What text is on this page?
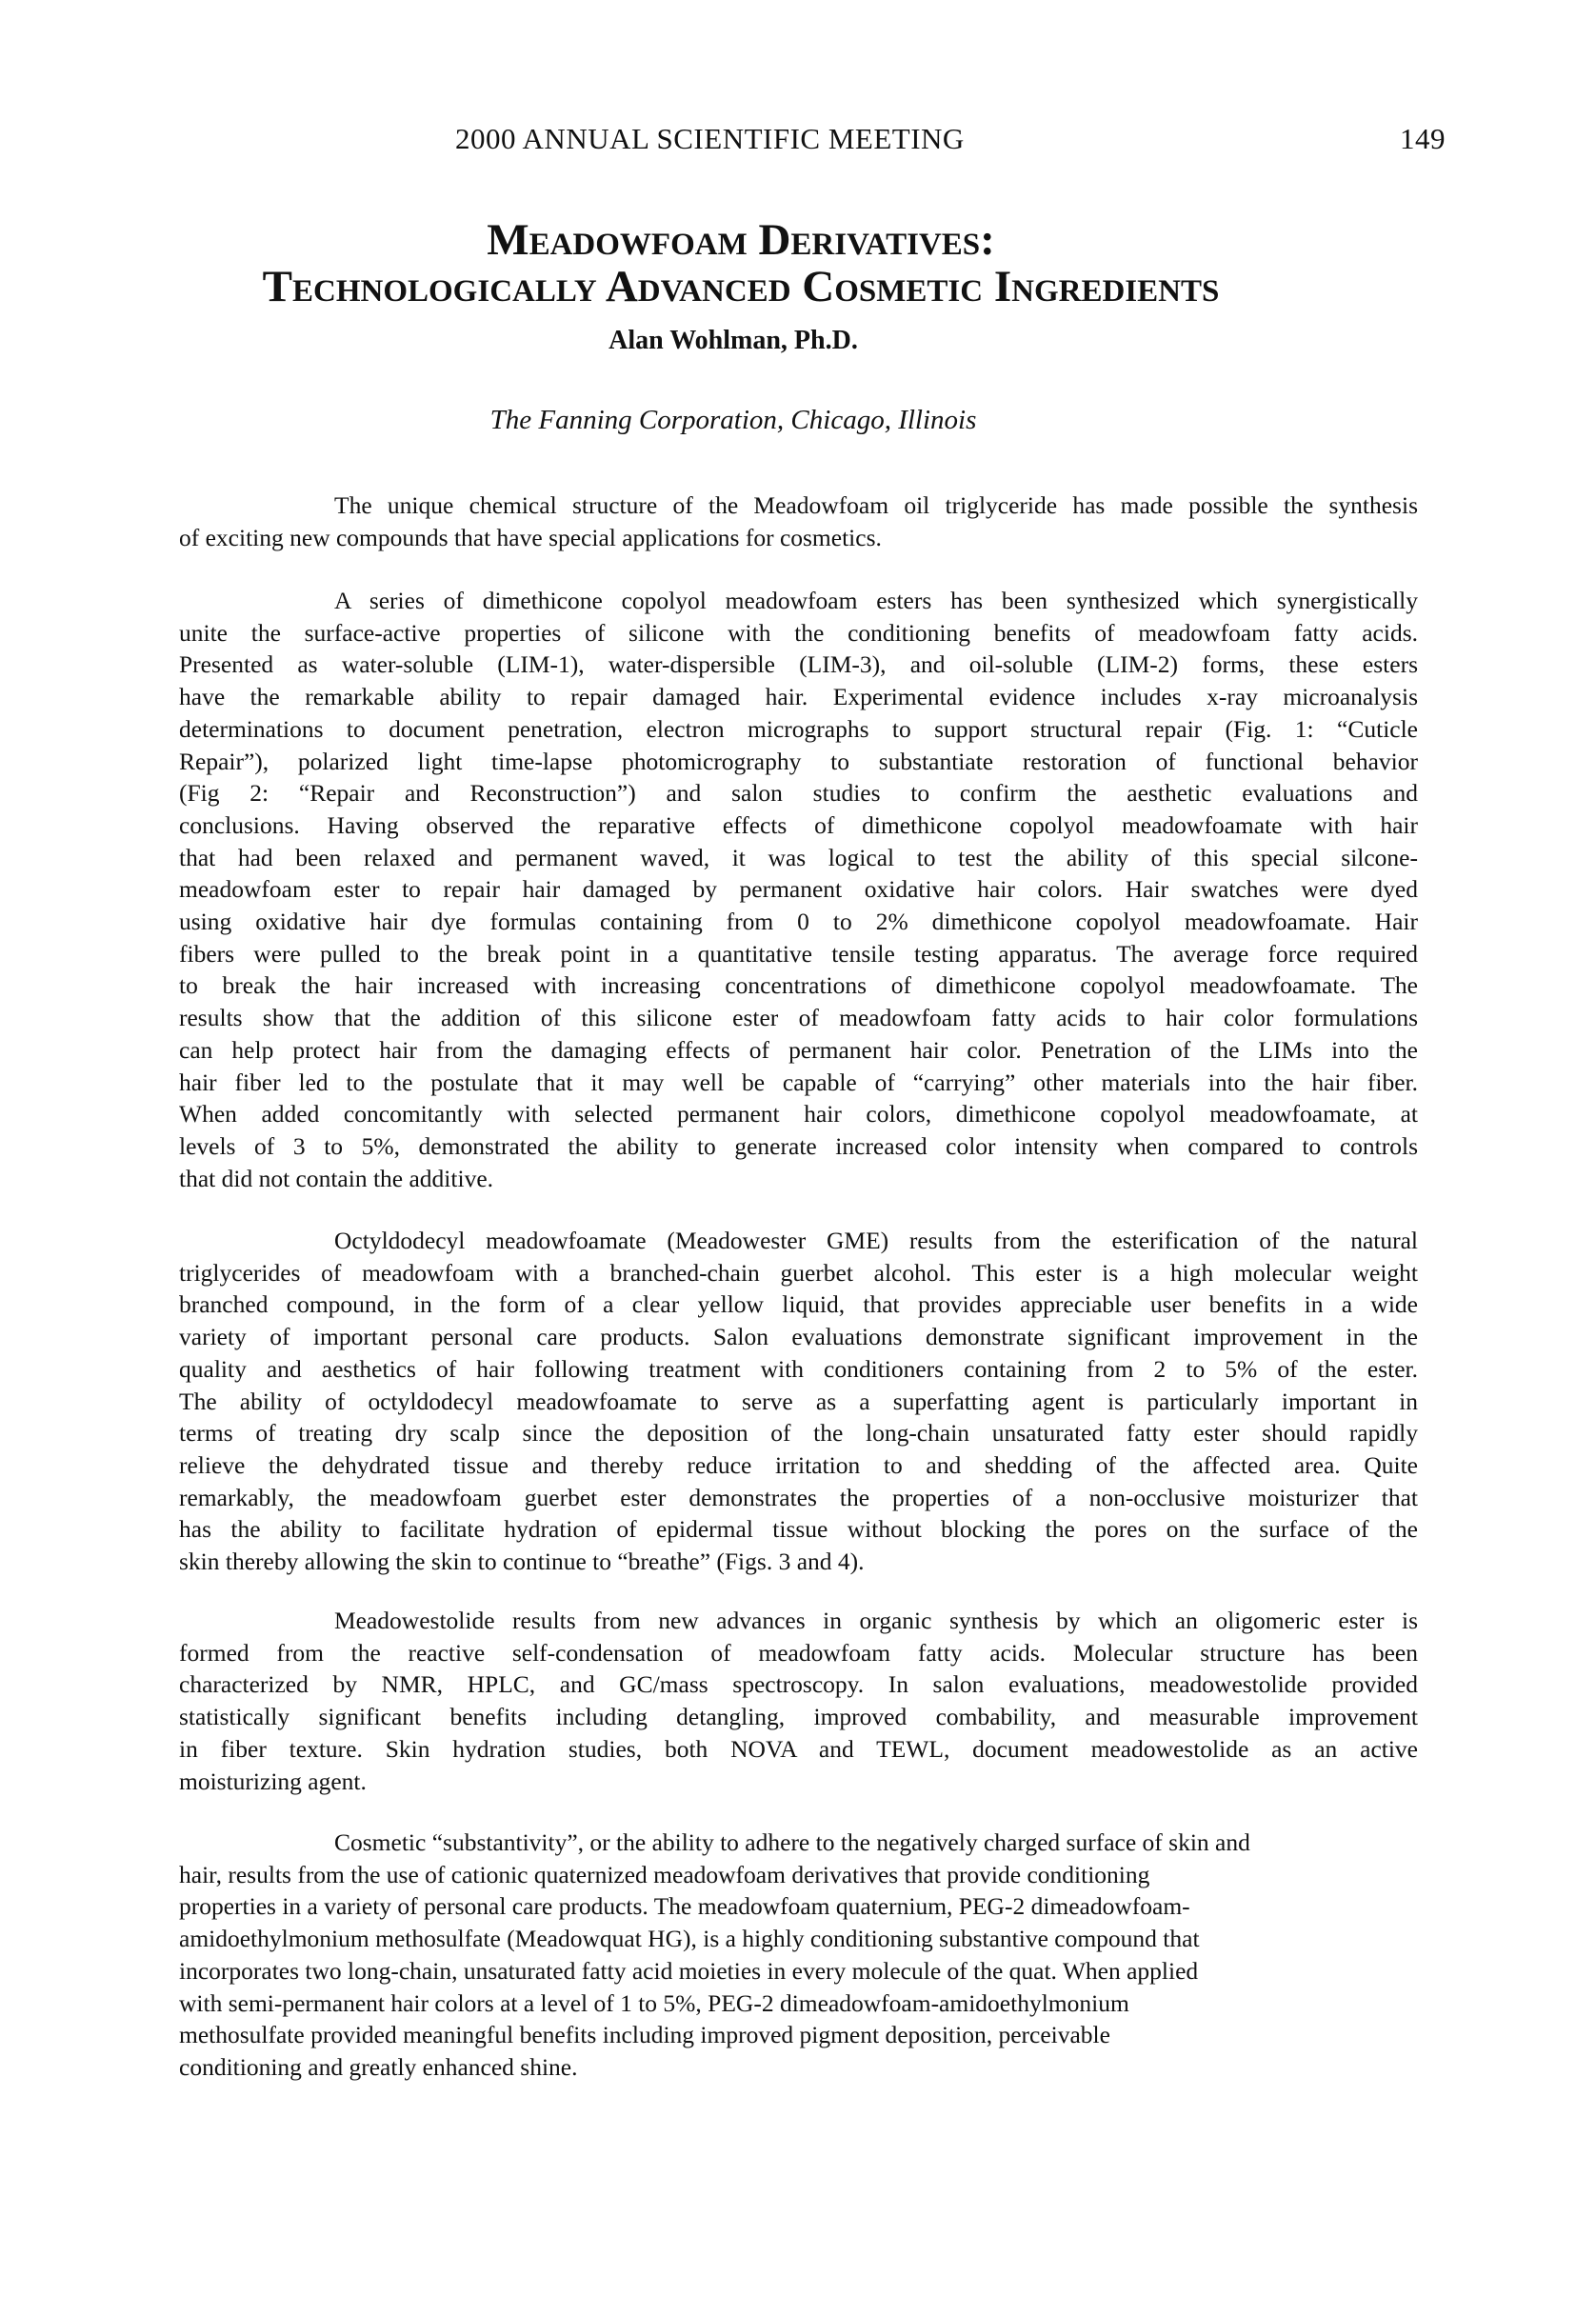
2000 ANNUAL SCIENTIFIC MEETING	149
Meadowfoam Derivatives:
Technologically Advanced Cosmetic Ingredients
Alan Wohlman, Ph.D.
The Fanning Corporation, Chicago, Illinois
The unique chemical structure of the Meadowfoam oil triglyceride has made possible the synthesis
of exciting new compounds that have special applications for cosmetics.
A series of dimethicone copolyol meadowfoam esters has been synthesized which synergistically
unite the surface-active properties of silicone with the conditioning benefits of meadowfoam fatty acids.
Presented as water-soluble (LIM-1), water-dispersible (LIM-3), and oil-soluble (LIM-2) forms, these esters
have the remarkable ability to repair damaged hair. Experimental evidence includes x-ray microanalysis
determinations to document penetration, electron micrographs to support structural repair (Fig. 1: “Cuticle
Repair”), polarized light time-lapse photomicrography to substantiate restoration of functional behavior
(Fig 2: “Repair and Reconstruction”) and salon studies to confirm the aesthetic evaluations and
conclusions. Having observed the reparative effects of dimethicone copolyol meadowfoamate with hair
that had been relaxed and permanent waved, it was logical to test the ability of this special silcone-
meadowfoam ester to repair hair damaged by permanent oxidative hair colors. Hair swatches were dyed
using oxidative hair dye formulas containing from 0 to 2% dimethicone copolyol meadowfoamate. Hair
fibers were pulled to the break point in a quantitative tensile testing apparatus. The average force required
to break the hair increased with increasing concentrations of dimethicone copolyol meadowfoamate. The
results show that the addition of this silicone ester of meadowfoam fatty acids to hair color formulations
can help protect hair from the damaging effects of permanent hair color. Penetration of the LIMs into the
hair fiber led to the postulate that it may well be capable of “carrying” other materials into the hair fiber.
When added concomitantly with selected permanent hair colors, dimethicone copolyol meadowfoamate, at
levels of 3 to 5%, demonstrated the ability to generate increased color intensity when compared to controls
that did not contain the additive.
Octyldodecyl meadowfoamate (Meadowester GME) results from the esterification of the natural
triglycerides of meadowfoam with a branched-chain guerbet alcohol. This ester is a high molecular weight
branched compound, in the form of a clear yellow liquid, that provides appreciable user benefits in a wide
variety of important personal care products. Salon evaluations demonstrate significant improvement in the
quality and aesthetics of hair following treatment with conditioners containing from 2 to 5% of the ester.
The ability of octyldodecyl meadowfoamate to serve as a superfatting agent is particularly important in
terms of treating dry scalp since the deposition of the long-chain unsaturated fatty ester should rapidly
relieve the dehydrated tissue and thereby reduce irritation to and shedding of the affected area. Quite
remarkably, the meadowfoam guerbet ester demonstrates the properties of a non-occlusive moisturizer that
has the ability to facilitate hydration of epidermal tissue without blocking the pores on the surface of the
skin thereby allowing the skin to continue to “breathe” (Figs. 3 and 4).
Meadowestolide results from new advances in organic synthesis by which an oligomeric ester is
formed from the reactive self-condensation of meadowfoam fatty acids. Molecular structure has been
characterized by NMR, HPLC, and GC/mass spectroscopy. In salon evaluations, meadowestolide provided
statistically significant benefits including detangling, improved combability, and measurable improvement
in fiber texture. Skin hydration studies, both NOVA and TEWL, document meadowestolide as an active
moisturizing agent.
Cosmetic “substantivity”, or the ability to adhere to the negatively charged surface of skin and
hair, results from the use of cationic quaternized meadowfoam derivatives that provide conditioning
properties in a variety of personal care products. The meadowfoam quaternium, PEG-2 dimeadowfoam-
amidoethylmonium methosulfate (Meadowquat HG), is a highly conditioning substantive compound that
incorporates two long-chain, unsaturated fatty acid moieties in every molecule of the quat. When applied
with semi-permanent hair colors at a level of 1 to 5%, PEG-2 dimeadowfoam-amidoethylmonium
methosulfate provided meaningful benefits including improved pigment deposition, perceivable
conditioning and greatly enhanced shine.
